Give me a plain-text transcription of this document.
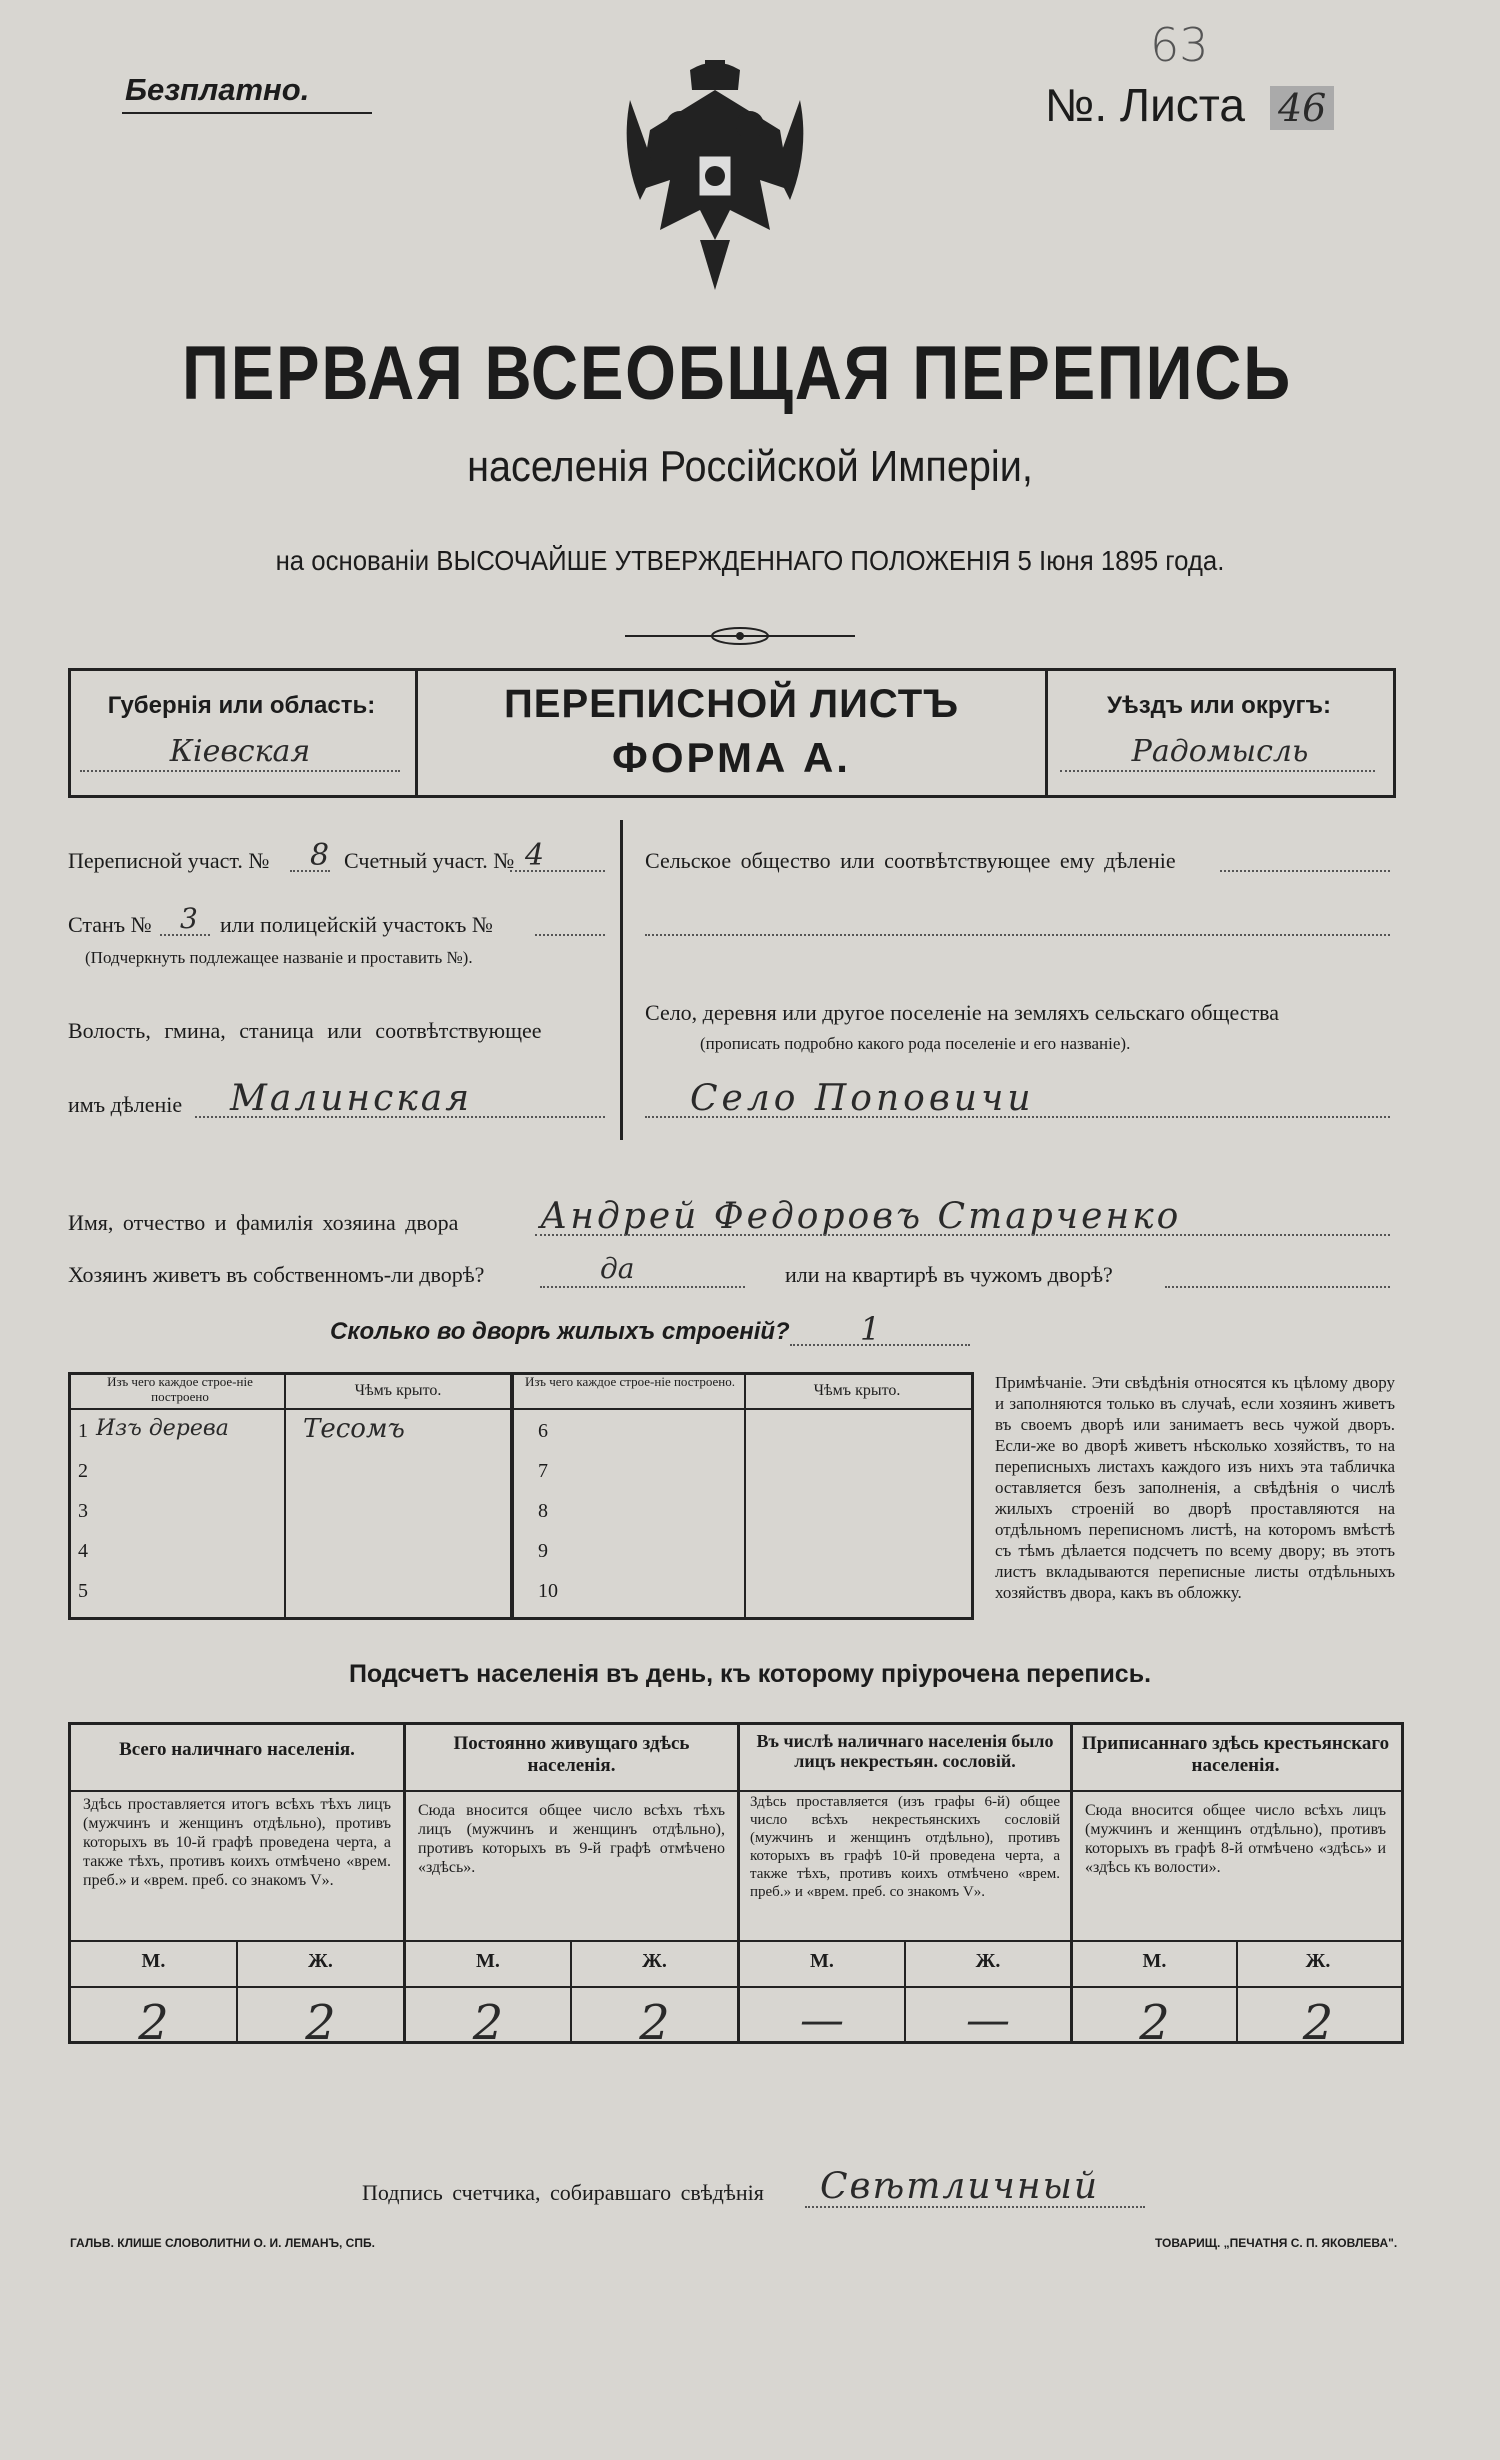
Безплатно.
63
№. Листа 46
ПЕРВАЯ ВСЕОБЩАЯ ПЕРЕПИСЬ
населенія Россійской Имперіи,
на основаніи ВЫСОЧАЙШЕ УТВЕРЖДЕННАГО ПОЛОЖЕНІЯ 5 Іюня 1895 года.
Губернія или область:
Кіевская
ПЕРЕПИСНОЙ ЛИСТЪ
ФОРМА А.
Уѣздъ или округъ:
Радомысль
Переписной участ. № 8 Счетный участ. № 4
Станъ № 3 или полицейскій участокъ №
(Подчеркнуть подлежащее названіе и проставить №).
Волость, гмина, станица или соотвѣтствующее
имъ дѣленіе Малинская
Сельское общество или соотвѣтствующее ему дѣленіе
Село, деревня или другое поселеніе на земляхъ сельскаго общества
(прописать подробно какого рода поселеніе и его названіе).
Село Поповичи
Имя, отчество и фамилія хозяина двора Андрей Федоровъ Старченко
Хозяинъ живетъ въ собственномъ-ли дворѣ?	да	или на квартирѣ въ чужомъ дворѣ?
Сколько во дворѣ жилыхъ строеній? 1
Изъ чего каждое строе-ніе построено	Чѣмъ крыто.
Изъ чего каждое строе-ніе построено.
Чѣмъ крыто.
1 Изъ дерева	Тесомъ
2
3
4
5
6
7
8
9
10
Примѣчаніе. Эти свѣдѣнія относятся къ цѣлому двору и заполняются только въ случаѣ, если хозяинъ живетъ въ своемъ дворѣ или занимаетъ весь чужой дворъ. Если-же во дворѣ живетъ нѣсколько хозяйствъ, то на переписныхъ листахъ каждого изъ нихъ эта табличка оставляется безъ заполненія, а свѣдѣнія о числѣ жилыхъ строеній во дворѣ проставляются на отдѣльномъ переписномъ листѣ, на которомъ вмѣстѣ съ тѣмъ дѣлается подсчетъ по всему двору; въ этотъ листъ вкладываются переписные листы отдѣльныхъ хозяйствъ двора, какъ въ обложку.
Подсчетъ населенія въ день, къ которому пріурочена перепись.
Всего наличнаго населенія.
Здѣсь проставляется итогъ всѣхъ тѣхъ лицъ (мужчинъ и женщинъ отдѣльно), противъ которыхъ въ 10-й графѣ проведена черта, а также тѣхъ, противъ коихъ отмѣчено «врем. преб.» и «врем. преб. со знакомъ V».
Постоянно живущаго здѣсь населенія.
Сюда вносится общее число всѣхъ тѣхъ лицъ (мужчинъ и женщинъ отдѣльно), противъ которыхъ въ 9-й графѣ отмѣчено «здѣсь».
Въ числѣ наличнаго населенія было лицъ некрестьян. сословій.
Здѣсь проставляется (изъ графы 6-й) общее число всѣхъ некрестьянскихъ сословій (мужчинъ и женщинъ отдѣльно), противъ которыхъ въ графѣ 10-й проведена черта, а также тѣхъ, противъ коихъ отмѣчено «врем. преб.» и «врем. преб. со знакомъ V».
Приписаннаго здѣсь крестьянскаго населенія.
Сюда вносится общее число всѣхъ лицъ (мужчинъ и женщинъ отдѣльно), противъ которыхъ въ графѣ 8-й отмѣчено «здѣсь» и «здѣсь къ волости».
М.	Ж.	М.	Ж.	М.	Ж.	М.	Ж.
2	2	2	2	—	—	2	2
Подпись счетчика, собиравшаго свѣдѣнія Свѣтличный
ГАЛЬВ. КЛИШЕ СЛОВОЛИТНИ О. И. ЛЕМАНЪ, СПБ.	ТОВАРИЩ. „ПЕЧАТНЯ С. П. ЯКОВЛЕВА".
